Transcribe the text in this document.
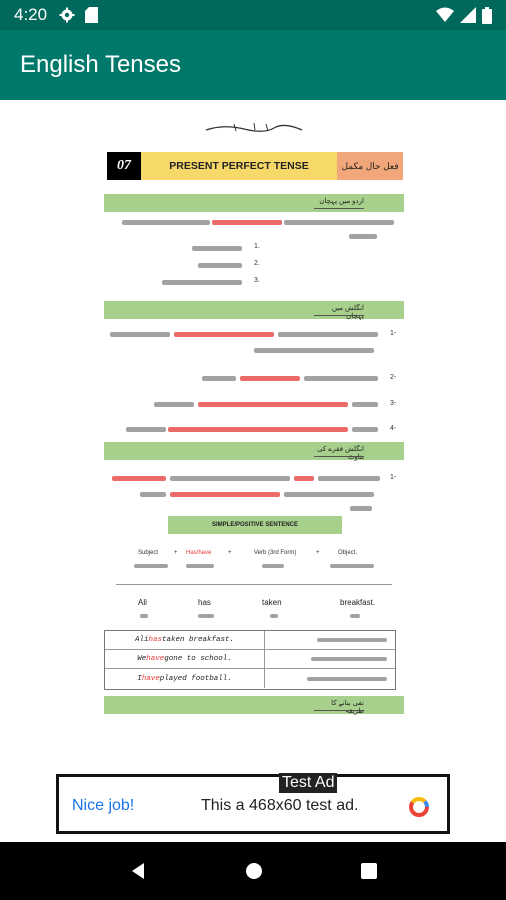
4:20
English Tenses
07	PRESENT PERFECT TENSE	فعل حال مکمل
اردو میں پہچان
1.
2.
3.
انگلش میں پہچان
1-
2-
3-
4-
انگلش فقرے کی بناوٹ
1-
SIMPLE/POSITIVE SENTENCE
Subject	+ Has/have	+	Verb (3rd Form)	+	Object.
Ali	has	taken	breakfast.
Ali has taken breakfast.
We have gone to school.
I have played football.
نفی بنانے کا طریقہ
Test Ad
Nice job!	This a 468x60 test ad.
